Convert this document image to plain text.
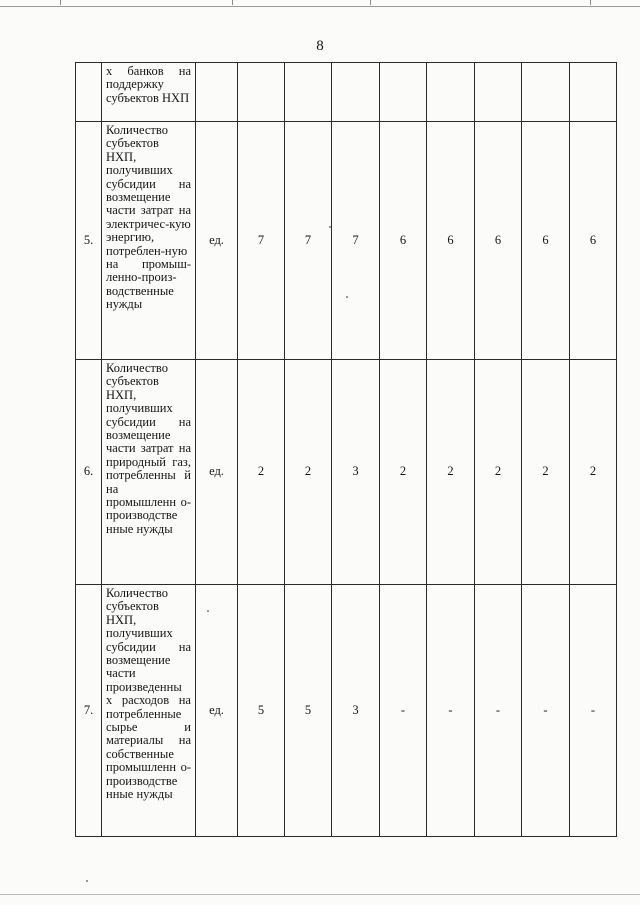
8
	х банков на поддержку субъектов НХП									
5.	Количество субъектов НХП, получивших субсидии на возмещение части затрат на электричес-кую энергию, потреблен-ную на промыш-ленно-произ-водственные нужды	ед.	7	7	7	6	6	6	6	6
6.	Количество субъектов НХП, получивших субсидии на возмещение части затрат на природный газ, потребленны й на промышленн о-производстве нные нужды	ед.	2	2	3	2	2	2	2	2
7.	Количество субъектов НХП, получивших субсидии на возмещение части произведенны х расходов на потребленные сырье и материалы на собственные промышленн о-производстве нные нужды	ед.	5	5	3	-	-	-	-	-
